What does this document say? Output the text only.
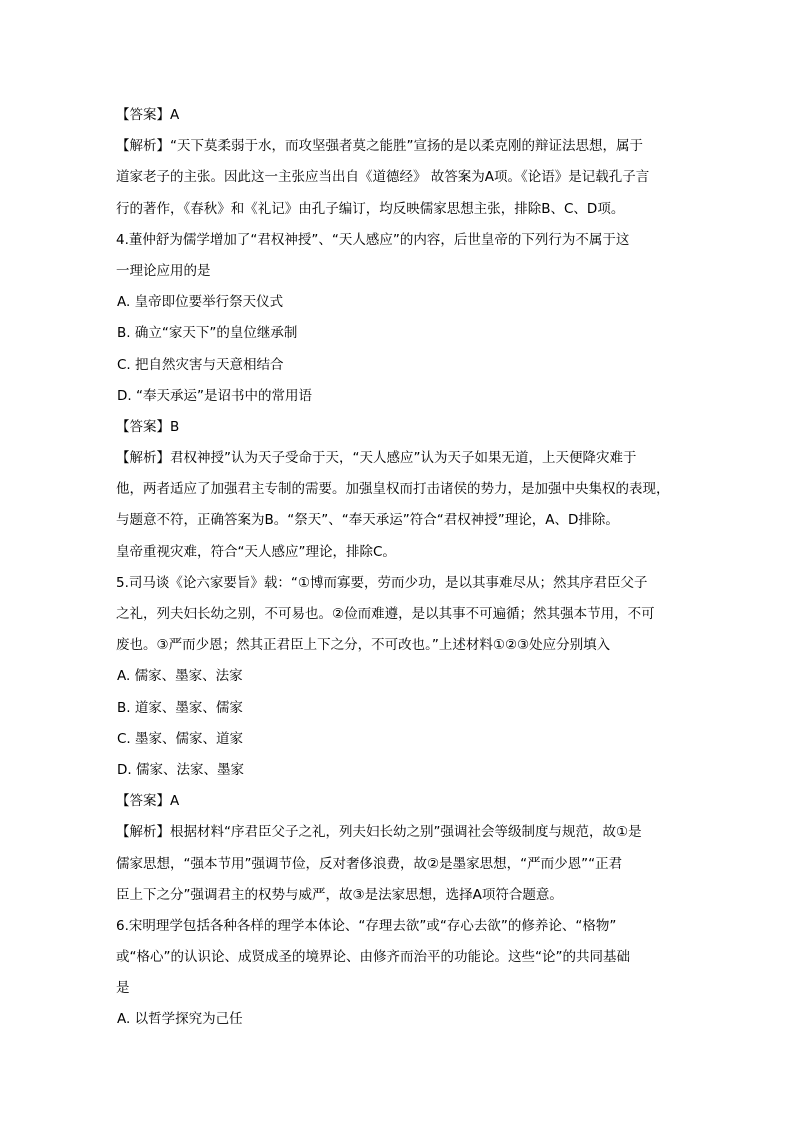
【答案】A
【解析】“天下莫柔弱于水，而攻坚强者莫之能胜”宣扬的是以柔克刚的辩证法思想，属于
道家老子的主张。因此这一主张应当出自《道德经》 故答案为A项。《论语》是记载孔子言
行的著作，《春秋》和《礼记》由孔子编订，均反映儒家思想主张，排除B、C、D项。
4.董仲舒为儒学增加了“君权神授”、“天人感应”的内容，后世皇帝的下列行为不属于这
一理论应用的是
A. 皇帝即位要举行祭天仪式
B. 确立“家天下”的皇位继承制
C. 把自然灾害与天意相结合
D. “奉天承运”是诏书中的常用语
【答案】B
【解析】君权神授”认为天子受命于天，“天人感应”认为天子如果无道，上天便降灾难于
他，两者适应了加强君主专制的需要。加强皇权而打击诸侯的势力，是加强中央集权的表现，
与题意不符，正确答案为B。“祭天”、“奉天承运”符合“君权神授”理论，A、D排除。
皇帝重视灾难，符合“天人感应”理论，排除C。
5.司马谈《论六家要旨》载：“①博而寡要，劳而少功，是以其事难尽从；然其序君臣父子
之礼，列夫妇长幼之别，不可易也。②俭而难遵，是以其事不可遍循；然其强本节用，不可
废也。③严而少恩；然其正君臣上下之分，不可改也。”上述材料①②③处应分别填入
A. 儒家、墨家、法家
B. 道家、墨家、儒家
C. 墨家、儒家、道家
D. 儒家、法家、墨家
【答案】A
【解析】根据材料“序君臣父子之礼，列夫妇长幼之别”强调社会等级制度与规范，故①是
儒家思想，“强本节用”强调节俭，反对奢侈浪费，故②是墨家思想，“严而少恩”“正君
臣上下之分”强调君主的权势与威严，故③是法家思想，选择A项符合题意。
6.宋明理学包括各种各样的理学本体论、“存理去欲”或“存心去欲”的修养论、“格物”
或“格心”的认识论、成贤成圣的境界论、由修齐而治平的功能论。这些“论”的共同基础
是
A. 以哲学探究为己任
